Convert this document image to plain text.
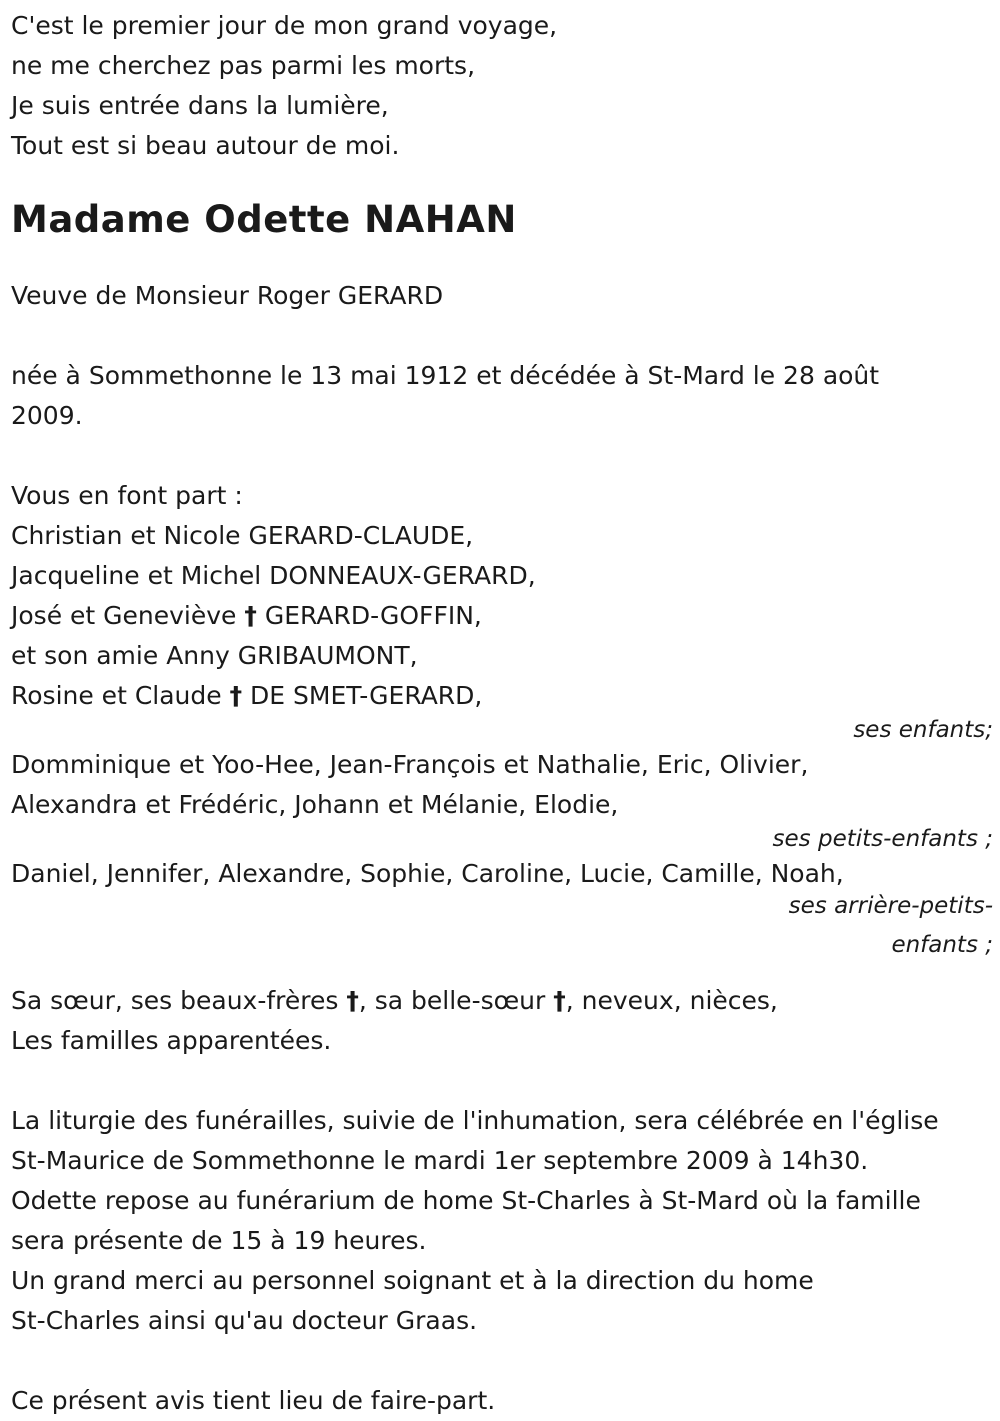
C'est le premier jour de mon grand voyage,
ne me cherchez pas parmi les morts,
Je suis entrée dans la lumière,
Tout est si beau autour de moi.
Madame Odette NAHAN
Veuve de Monsieur Roger GERARD
née à Sommethonne le 13 mai 1912 et décédée à St-Mard le 28 août
2009.
Vous en font part :
Christian et Nicole GERARD-CLAUDE,
Jacqueline et Michel DONNEAUX-GERARD,
José et Geneviève † GERARD-GOFFIN,
et son amie Anny GRIBAUMONT,
Rosine et Claude † DE SMET-GERARD,
ses enfants;
Domminique et Yoo-Hee, Jean-François et Nathalie, Eric, Olivier,
Alexandra et Frédéric, Johann et Mélanie, Elodie,
ses petits-enfants ;
Daniel, Jennifer, Alexandre, Sophie, Caroline, Lucie, Camille, Noah,
ses arrière-petits-enfants ;
Sa sœur, ses beaux-frères †, sa belle-sœur †, neveux, nièces,
Les familles apparentées.
La liturgie des funérailles, suivie de l'inhumation, sera célébrée en l'église
St-Maurice de Sommethonne le mardi 1er septembre 2009 à 14h30.
Odette repose au funérarium de home St-Charles à St-Mard où la famille
sera présente de 15 à 19 heures.
Un grand merci au personnel soignant et à la direction du home
St-Charles ainsi qu'au docteur Graas.
Ce présent avis tient lieu de faire-part.
